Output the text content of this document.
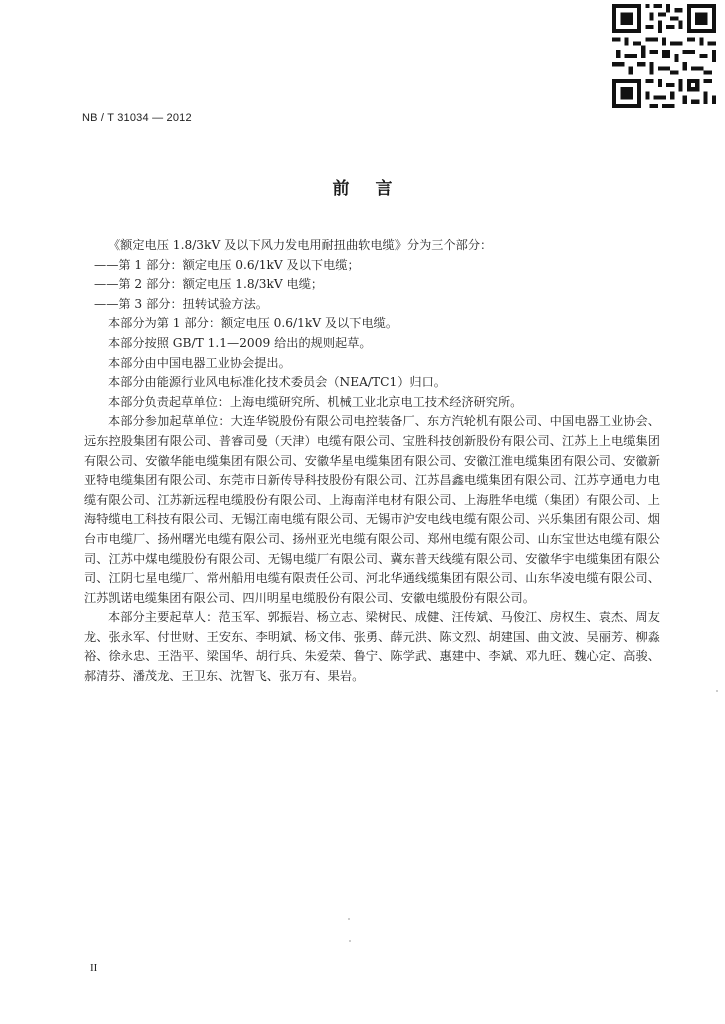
NB / T 31034 — 2012
前言

《额定电压 1.8/3kV 及以下风力发电用耐扭曲软电缆》分为三个部分：

——第 1 部分：额定电压 0.6/1kV 及以下电缆；

——第 2 部分：额定电压 1.8/3kV 电缆；

——第 3 部分：扭转试验方法。

本部分为第 1 部分：额定电压 0.6/1kV 及以下电缆。

本部分按照 GB/T 1.1—2009 给出的规则起草。

本部分由中国电器工业协会提出。

本部分由能源行业风电标准化技术委员会（NEA/TC1）归口。

本部分负责起草单位：上海电缆研究所、机械工业北京电工技术经济研究所。

本部分参加起草单位：大连华锐股份有限公司电控装备厂、东方汽轮机有限公司、中国电器工业协会、远东控股集团有限公司、普睿司曼（天津）电缆有限公司、宝胜科技创新股份有限公司、江苏上上电缆集团有限公司、安徽华能电缆集团有限公司、安徽华星电缆集团有限公司、安徽江淮电缆集团有限公司、安徽新亚特电缆集团有限公司、东莞市日新传导科技股份有限公司、江苏昌鑫电缆集团有限公司、江苏亨通电力电缆有限公司、江苏新远程电缆股份有限公司、上海南洋电材有限公司、上海胜华电缆（集团）有限公司、上海特缆电工科技有限公司、无锡江南电缆有限公司、无锡市沪安电线电缆有限公司、兴乐集团有限公司、烟台市电缆厂、扬州曙光电缆有限公司、扬州亚光电缆有限公司、郑州电缆有限公司、山东宝世达电缆有限公司、江苏中煤电缆股份有限公司、无锡电缆厂有限公司、冀东普天线缆有限公司、安徽华宇电缆集团有限公司、江阴七星电缆厂、常州船用电缆有限责任公司、河北华通线缆集团有限公司、山东华凌电缆有限公司、江苏凯诺电缆集团有限公司、四川明星电缆股份有限公司、安徽电缆股份有限公司。

本部分主要起草人：范玉军、郭振岩、杨立志、梁树民、成健、汪传斌、马俊江、房权生、袁杰、周友龙、张永军、付世财、王安东、李明斌、杨文伟、张勇、薛元洪、陈文烈、胡建国、曲文波、吴丽芳、柳淼裕、徐永忠、王浩平、梁国华、胡行兵、朱爱荣、鲁宁、陈学武、惠建中、李斌、邓九旺、魏心定、高骏、郝清芬、潘茂龙、王卫东、沈智飞、张万有、果岩。

II
